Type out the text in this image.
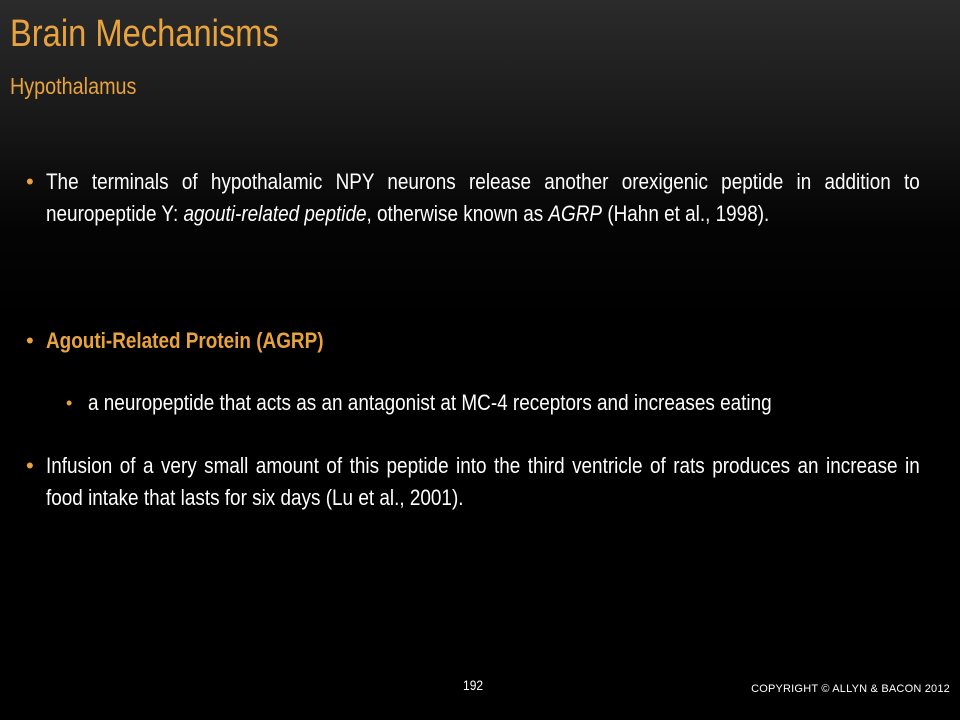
Brain Mechanisms
Hypothalamus
• The terminals of hypothalamic NPY neurons release another orexigenic peptide in addition to neuropeptide Y: agouti-related peptide, otherwise known as AGRP (Hahn et al., 1998).
• Agouti-Related Protein (AGRP)
• a neuropeptide that acts as an antagonist at MC-4 receptors and increases eating
• Infusion of a very small amount of this peptide into the third ventricle of rats produces an increase in food intake that lasts for six days (Lu et al., 2001).
192	COPYRIGHT © ALLYN & BACON 2012
